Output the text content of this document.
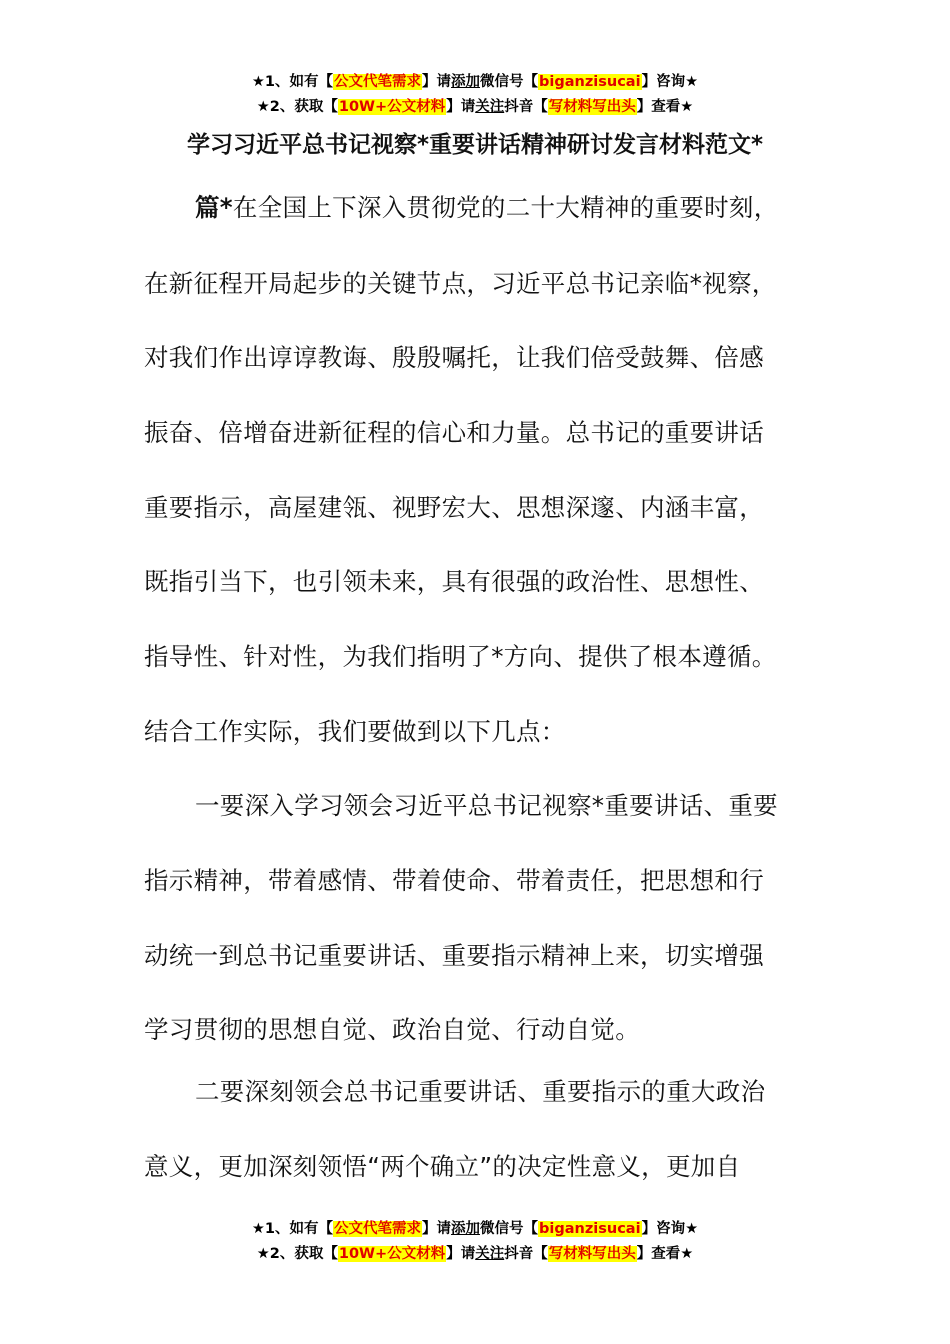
★1、如有【公文代笔需求】请添加微信号【biganzisucai】咨询★
★2、获取【10W+公文材料】请关注抖音【写材料写出头】查看★
学习习近平总书记视察*重要讲话精神研讨发言材料范文*
篇*在全国上下深入贯彻党的二十大精神的重要时刻，
在新征程开局起步的关键节点，习近平总书记亲临*视察，
对我们作出谆谆教诲、殷殷嘱托，让我们倍受鼓舞、倍感
振奋、倍增奋进新征程的信心和力量。总书记的重要讲话
重要指示，高屋建瓴、视野宏大、思想深邃、内涵丰富，
既指引当下，也引领未来，具有很强的政治性、思想性、
指导性、针对性，为我们指明了*方向、提供了根本遵循。
结合工作实际，我们要做到以下几点：
一要深入学习领会习近平总书记视察*重要讲话、重要
指示精神，带着感情、带着使命、带着责任，把思想和行
动统一到总书记重要讲话、重要指示精神上来，切实增强
学习贯彻的思想自觉、政治自觉、行动自觉。
二要深刻领会总书记重要讲话、重要指示的重大政治
意义，更加深刻领悟“两个确立”的决定性意义，更加自
★1、如有【公文代笔需求】请添加微信号【biganzisucai】咨询★
★2、获取【10W+公文材料】请关注抖音【写材料写出头】查看★
